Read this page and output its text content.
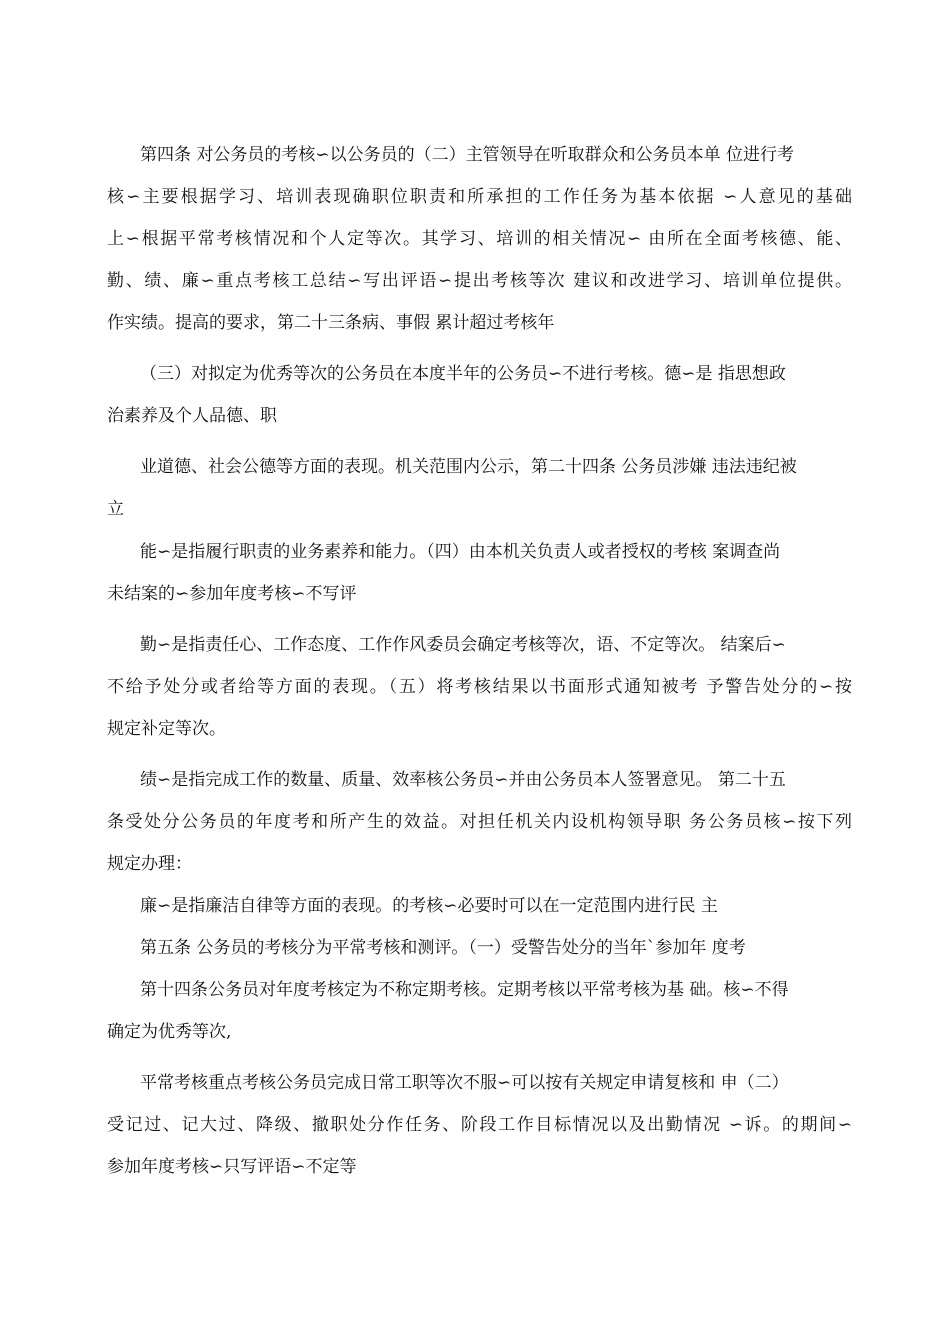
第四条 对公务员的考核∽以公务员的（二）主管领导在听取群众和公务员本单 位进行考
核∽主要根据学习、培训表现确职位职责和所承担的工作任务为基本依据 ∽人意见的基础
上∽根据平常考核情况和个人定等次。其学习、培训的相关情况∽ 由所在全面考核德、能、
勤、绩、廉∽重点考核工总结∽写出评语∽提出考核等次 建议和改进学习、培训单位提供。
作实绩。提高的要求，第二十三条病、事假 累计超过考核年
（三）对拟定为优秀等次的公务员在本度半年的公务员∽不进行考核。德∽是 指思想政
治素养及个人品德、职
业道德、社会公德等方面的表现。机关范围内公示，第二十四条 公务员涉嫌 违法违纪被
立
能∽是指履行职责的业务素养和能力。（四）由本机关负责人或者授权的考核 案调查尚
未结案的∽参加年度考核∽不写评
勤∽是指责任心、工作态度、工作作风委员会确定考核等次，语、不定等次。 结案后∽
不给予处分或者给等方面的表现。（五）将考核结果以书面形式通知被考 予警告处分的∽按
规定补定等次。
绩∽是指完成工作的数量、质量、效率核公务员∽并由公务员本人签署意见。 第二十五
条受处分公务员的年度考和所产生的效益。对担任机关内设机构领导职 务公务员核∽按下列
规定办理：
廉∽是指廉洁自律等方面的表现。的考核∽必要时可以在一定范围内进行民 主
第五条 公务员的考核分为平常考核和测评。（一）受警告处分的当年`参加年 度考
第十四条公务员对年度考核定为不称定期考核。定期考核以平常考核为基 础。核∽不得
确定为优秀等次,
平常考核重点考核公务员完成日常工职等次不服∽可以按有关规定申请复核和 申（二）
受记过、记大过、降级、撤职处分作任务、阶段工作目标情况以及出勤情况 ∽诉。的期间∽
参加年度考核∽只写评语∽不定等
